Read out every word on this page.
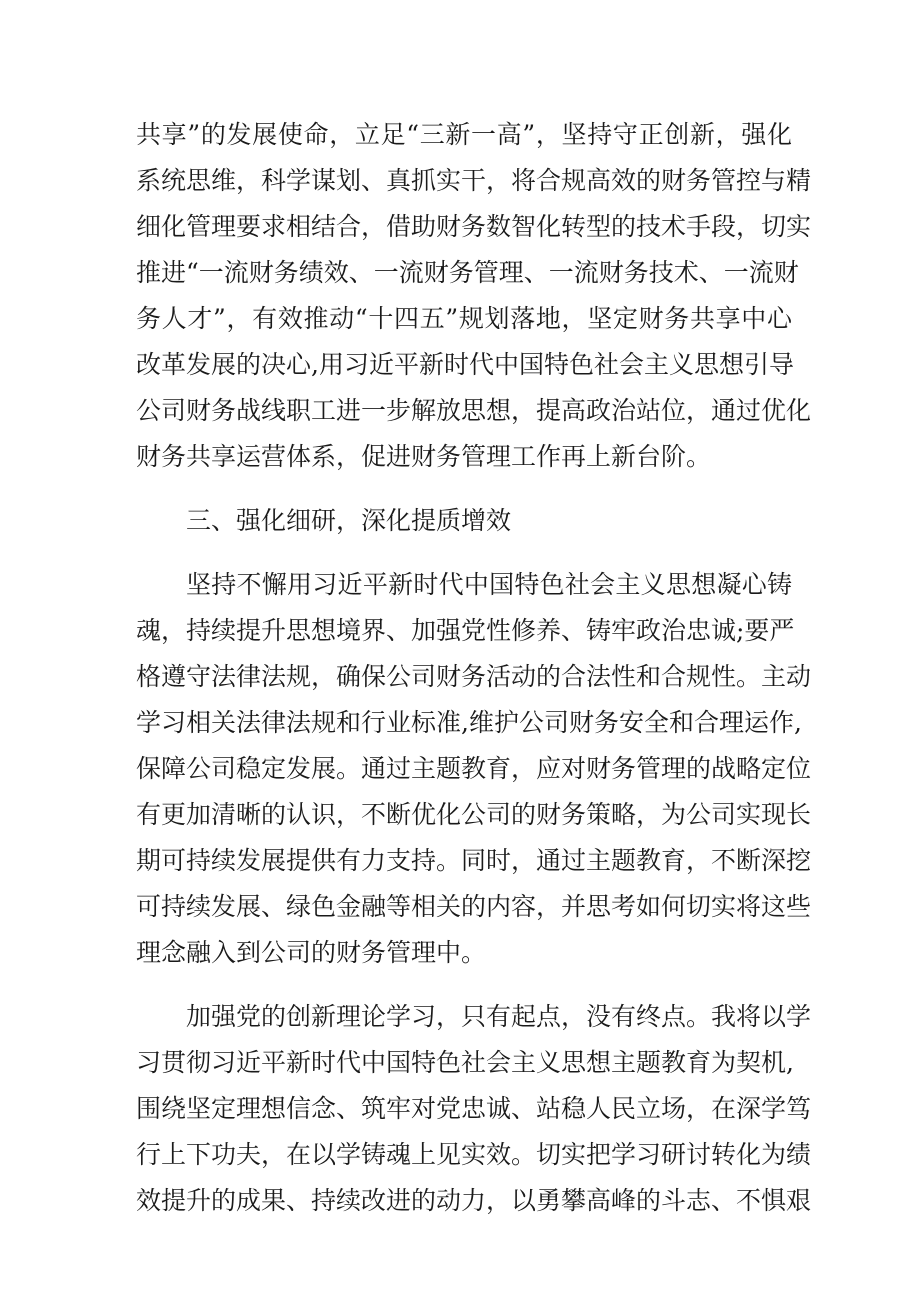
共享”的发展使命，立足“三新一高”，坚持守正创新，强化
系统思维，科学谋划、真抓实干，将合规高效的财务管控与精
细化管理要求相结合，借助财务数智化转型的技术手段，切实
推进“一流财务绩效、一流财务管理、一流财务技术、一流财
务人才”，有效推动“十四五”规划落地，坚定财务共享中心
改革发展的决心,用习近平新时代中国特色社会主义思想引导
公司财务战线职工进一步解放思想，提高政治站位，通过优化
财务共享运营体系，促进财务管理工作再上新台阶。
三、强化细研，深化提质增效
坚持不懈用习近平新时代中国特色社会主义思想凝心铸
魂，持续提升思想境界、加强党性修养、铸牢政治忠诚;要严
格遵守法律法规，确保公司财务活动的合法性和合规性。主动
学习相关法律法规和行业标准,维护公司财务安全和合理运作,
保障公司稳定发展。通过主题教育，应对财务管理的战略定位
有更加清晰的认识，不断优化公司的财务策略，为公司实现长
期可持续发展提供有力支持。同时，通过主题教育，不断深挖
可持续发展、绿色金融等相关的内容，并思考如何切实将这些
理念融入到公司的财务管理中。
加强党的创新理论学习，只有起点，没有终点。我将以学
习贯彻习近平新时代中国特色社会主义思想主题教育为契机,
围绕坚定理想信念、筑牢对党忠诚、站稳人民立场，在深学笃
行上下功夫，在以学铸魂上见实效。切实把学习研讨转化为绩
效提升的成果、持续改进的动力，以勇攀高峰的斗志、不惧艰
